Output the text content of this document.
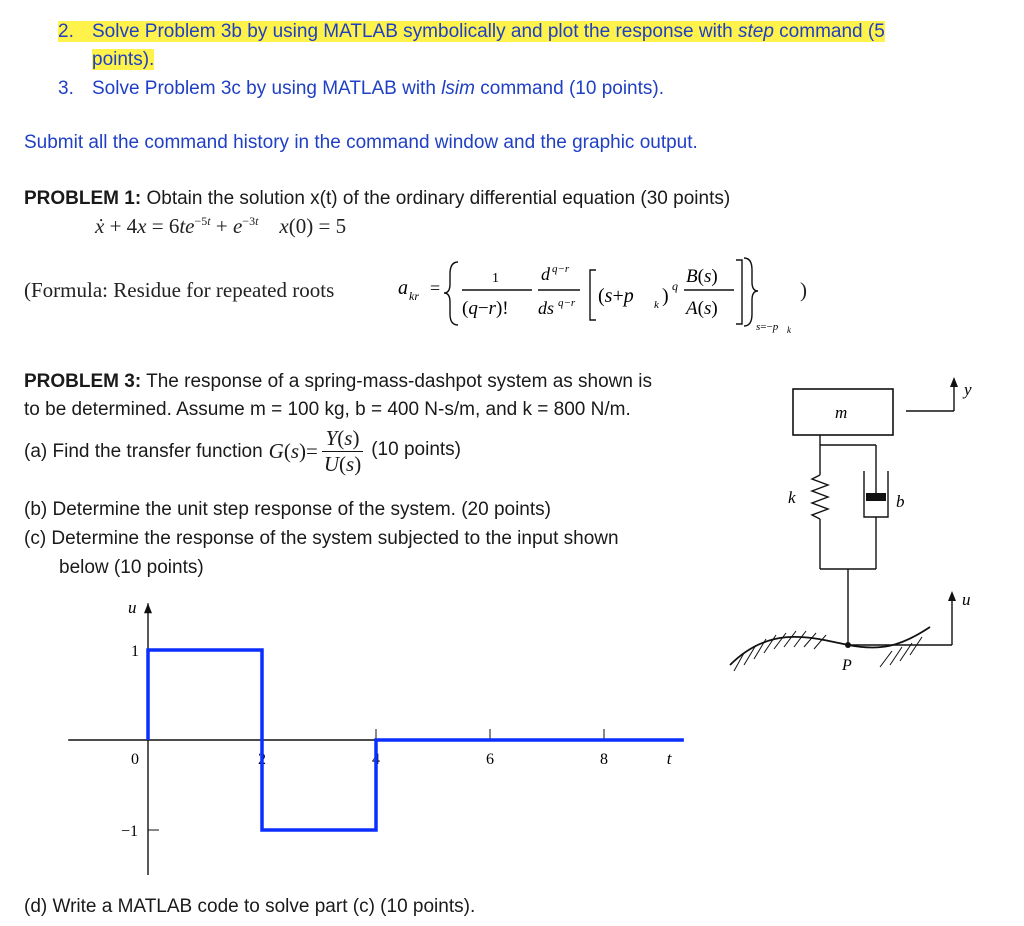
2. Solve Problem 3b by using MATLAB symbolically and plot the response with step command (5
points).
3. Solve Problem 3c by using MATLAB with lsim command (10 points).
Submit all the command history in the command window and the graphic output.
PROBLEM 1: Obtain the solution x(t) of the ordinary differential equation (30 points)
ẋ + $4x = 6te^{-5t} + e^{-3t}$ x(0) = 5
(Formula: Residue for repeated roots	a kr =	1
(q−r)!
d q−r
ds q−r (s+p k ) q B(s)
A(s)
s=−p k
)
PROBLEM 3: The response of a spring-mass-dashpot system as shown is
to be determined. Assume m = 100 kg, b = 400 N-s/m, and k = 800 N/m.
(a) Find the transfer function $G(s)= \frac{Y(s)}{U(s)} (10$ points)
(b) Determine the unit step response of the system. (20 points)
(c) Determine the response of the system subjected to the input shown
below (10 points)
u
t
2	4	6	8
1
0
−1
(d) Write a MATLAB code to solve part (c) (10 points).
m
y
k	b
P
u
